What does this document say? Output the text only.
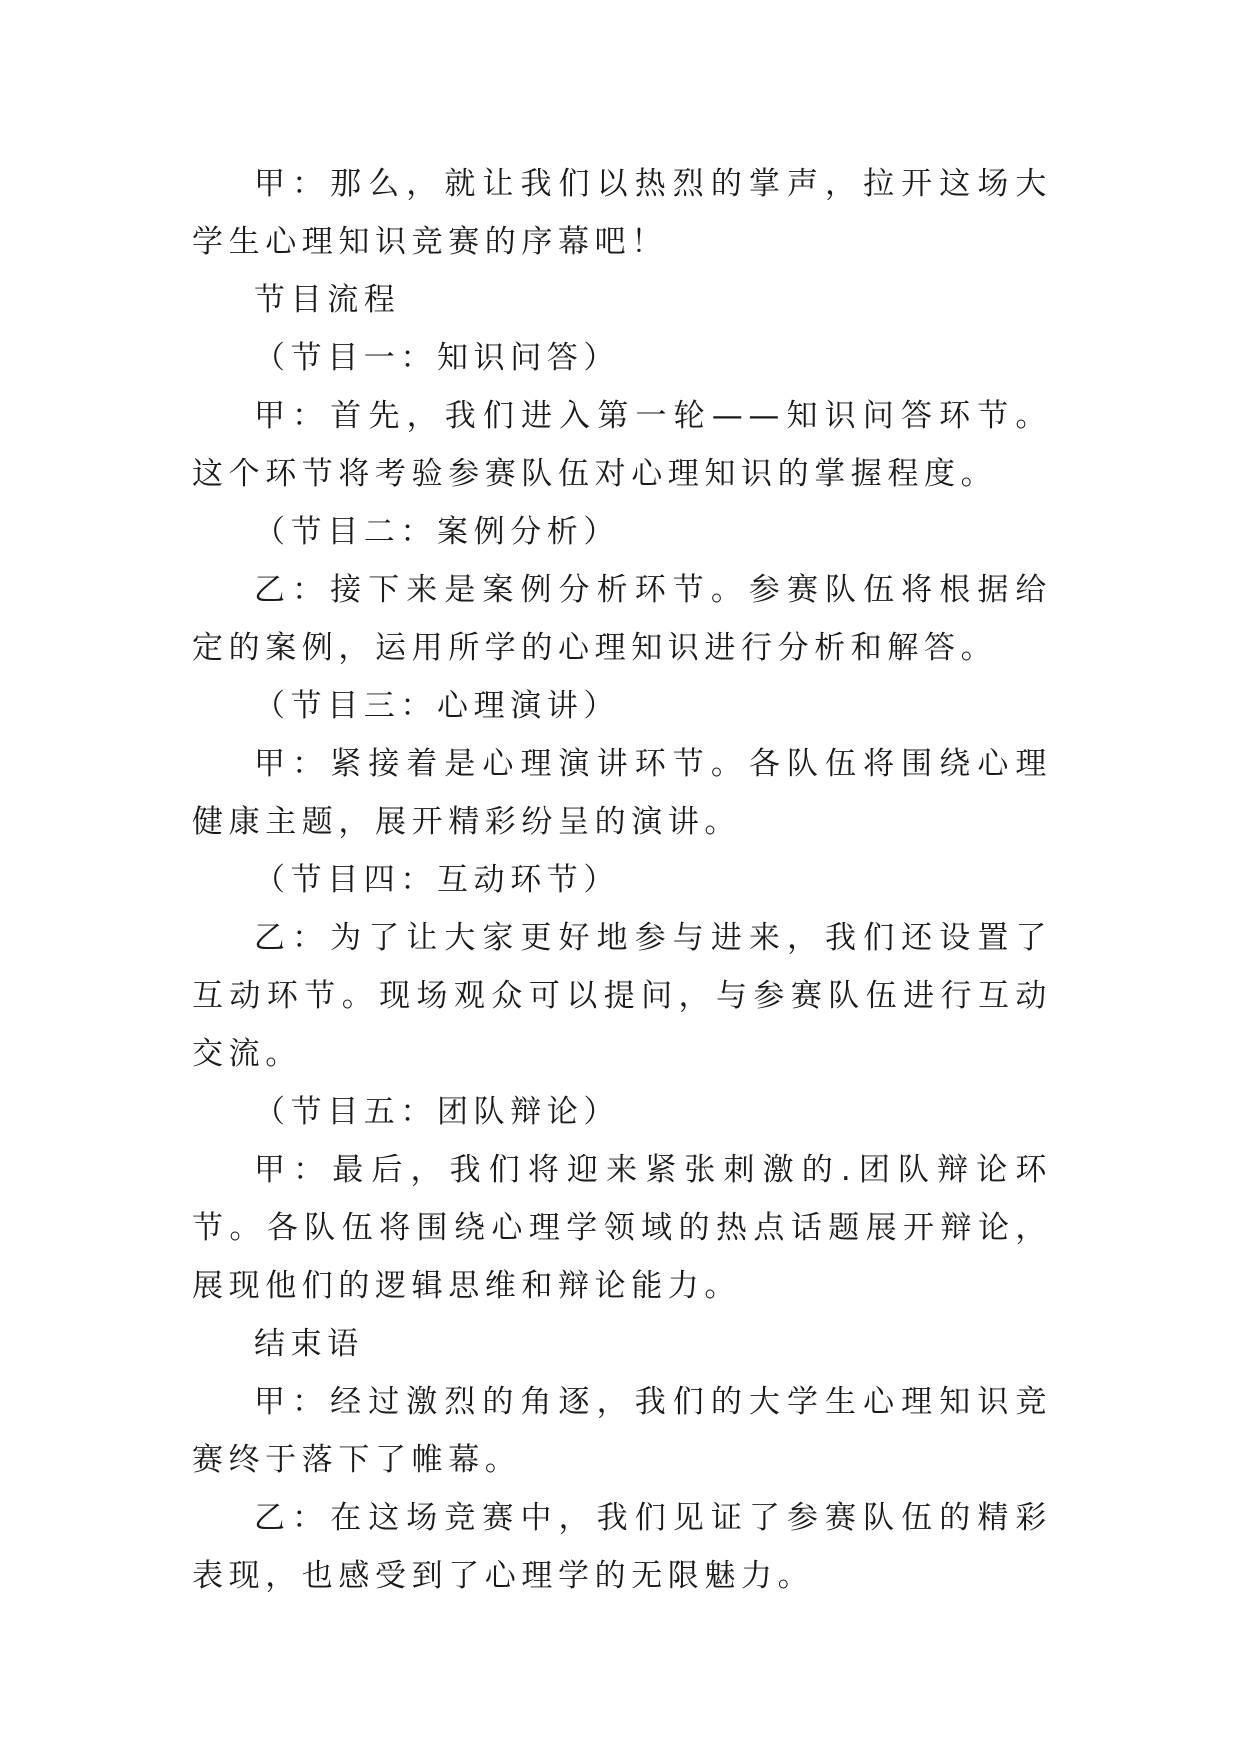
甲：那么，就让我们以热烈的掌声，拉开这场大学生心理知识竞赛的序幕吧！

节目流程

（节目一：知识问答）

甲：首先，我们进入第一轮——知识问答环节。这个环节将考验参赛队伍对心理知识的掌握程度。

（节目二：案例分析）

乙：接下来是案例分析环节。参赛队伍将根据给定的案例，运用所学的心理知识进行分析和解答。

（节目三：心理演讲）

甲：紧接着是心理演讲环节。各队伍将围绕心理健康主题，展开精彩纷呈的演讲。

（节目四：互动环节）

乙：为了让大家更好地参与进来，我们还设置了互动环节。现场观众可以提问，与参赛队伍进行互动交流。

（节目五：团队辩论）

甲：最后，我们将迎来紧张刺激的.团队辩论环节。各队伍将围绕心理学领域的热点话题展开辩论，展现他们的逻辑思维和辩论能力。

结束语

甲：经过激烈的角逐，我们的大学生心理知识竞赛终于落下了帷幕。

乙：在这场竞赛中，我们见证了参赛队伍的精彩表现，也感受到了心理学的无限魅力。
